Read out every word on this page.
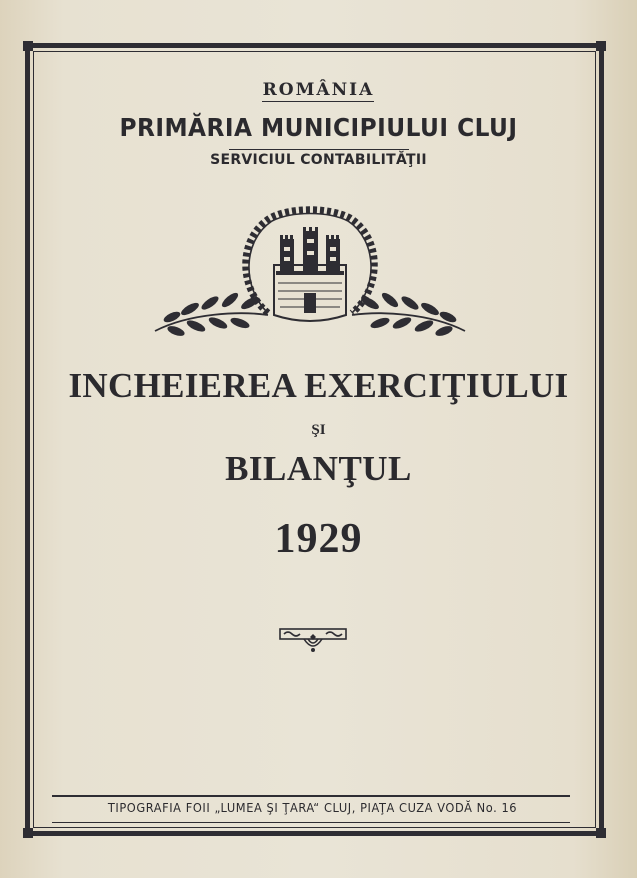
ROMÂNIA
PRIMĂRIA MUNICIPIULUI CLUJ
SERVICIUL CONTABILITĂŢII
INCHEIEREA EXERCIŢIULUI
ŞI
BILANŢUL
1929
TIPOGRAFIA FOII „LUMEA ŞI ŢARA“ CLUJ, PIAŢA CUZA VODĂ No. 16
